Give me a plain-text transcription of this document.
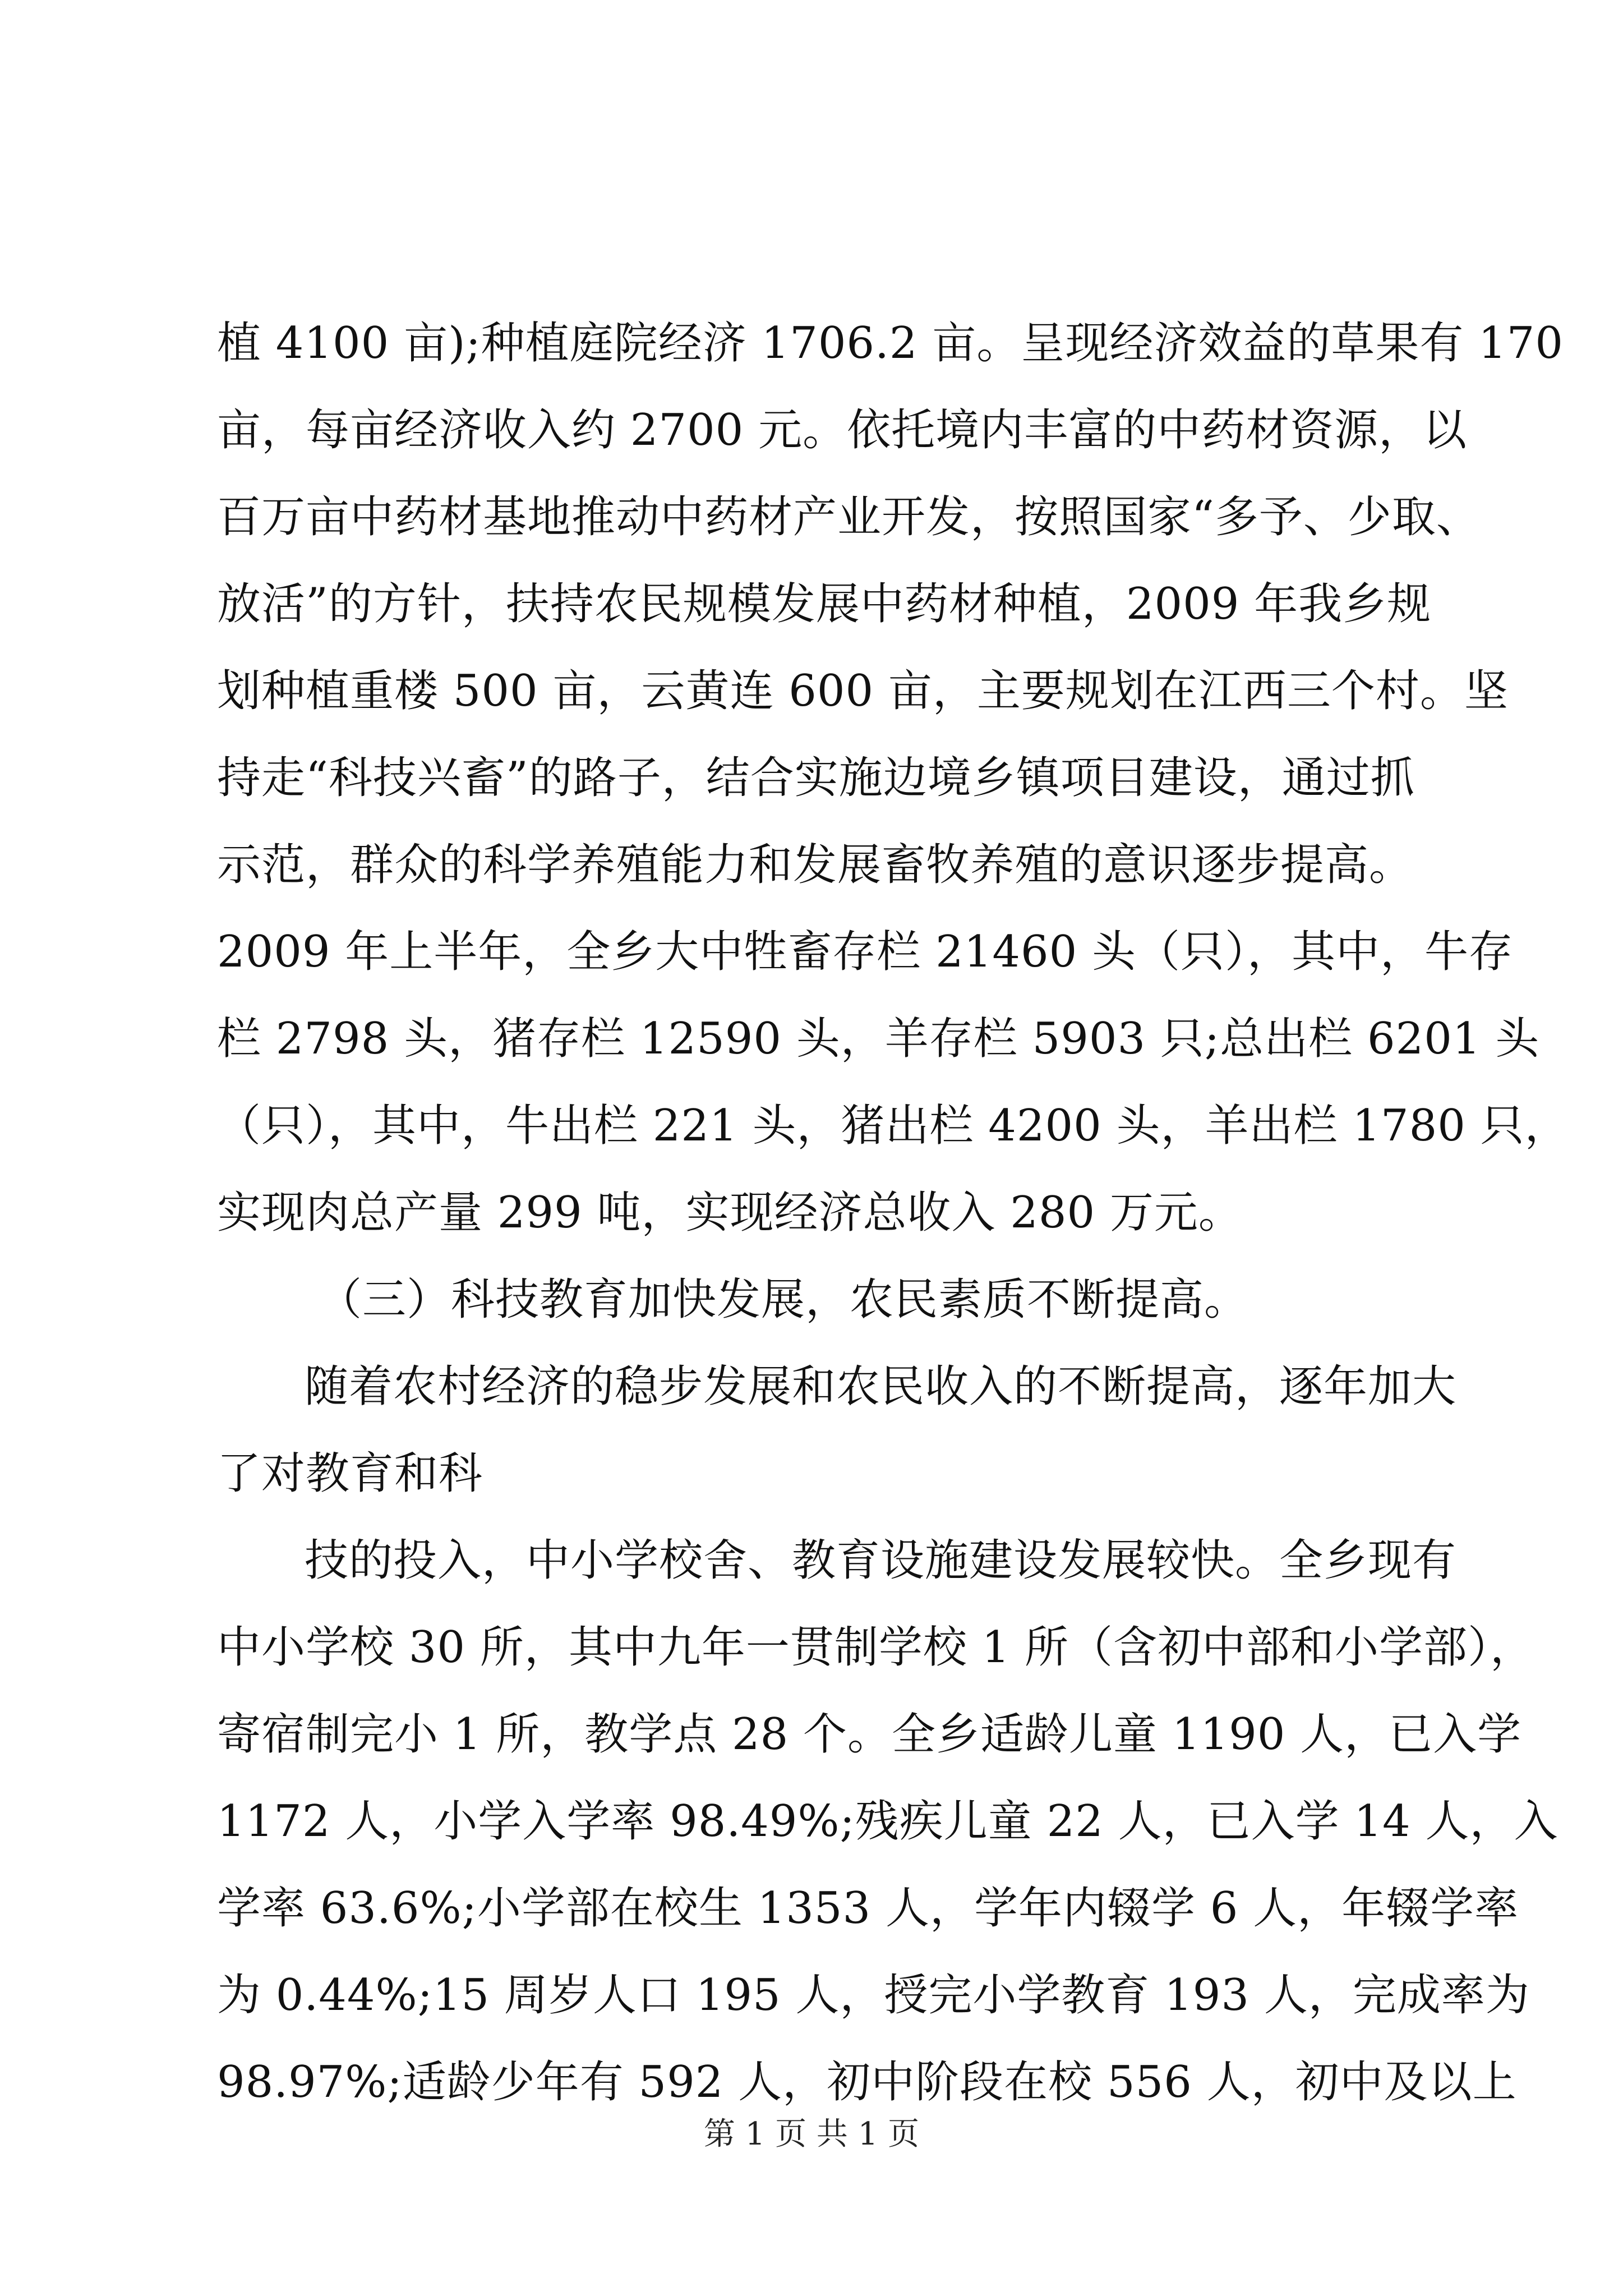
植 4100 亩);种植庭院经济 1706.2 亩。呈现经济效益的草果有 170
亩，每亩经济收入约 2700 元。依托境内丰富的中药材资源，以
百万亩中药材基地推动中药材产业开发，按照国家“多予、少取、
放活”的方针，扶持农民规模发展中药材种植，2009 年我乡规
划种植重楼 500 亩，云黄连 600 亩，主要规划在江西三个村。坚
持走“科技兴畜”的路子，结合实施边境乡镇项目建设，通过抓
示范，群众的科学养殖能力和发展畜牧养殖的意识逐步提高。
2009 年上半年，全乡大中牲畜存栏 21460 头（只），其中，牛存
栏 2798 头，猪存栏 12590 头，羊存栏 5903 只;总出栏 6201 头
（只），其中，牛出栏 221 头，猪出栏 4200 头，羊出栏 1780 只，
实现肉总产量 299 吨，实现经济总收入 280 万元。
（三）科技教育加快发展，农民素质不断提高。
随着农村经济的稳步发展和农民收入的不断提高，逐年加大
了对教育和科
技的投入，中小学校舍、教育设施建设发展较快。全乡现有
中小学校 30 所，其中九年一贯制学校 1 所（含初中部和小学部），
寄宿制完小 1 所，教学点 28 个。全乡适龄儿童 1190 人，已入学
1172 人，小学入学率 98.49%;残疾儿童 22 人，已入学 14 人，入
学率 63.6%;小学部在校生 1353 人，学年内辍学 6 人，年辍学率
为 0.44%;15 周岁人口 195 人，授完小学教育 193 人，完成率为
98.97%;适龄少年有 592 人，初中阶段在校 556 人，初中及以上
第 1 页 共 1 页
